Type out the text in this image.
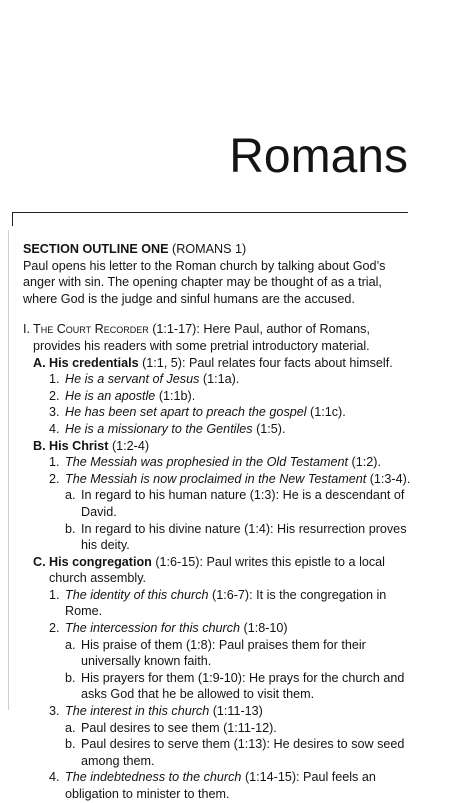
Romans

SECTION OUTLINE ONE (ROMANS 1)

Paul opens his letter to the Roman church by talking about God’s anger with sin. The opening chapter may be thought of as a trial, where God is the judge and sinful humans are the accused.

I. The Court Recorder (1:1-17): Here Paul, author of Romans, provides his readers with some pretrial introductory material.
A. His credentials (1:1, 5): Paul relates four facts about himself.
1. He is a servant of Jesus (1:1a).
2. He is an apostle (1:1b).
3. He has been set apart to preach the gospel (1:1c).
4. He is a missionary to the Gentiles (1:5).
B. His Christ (1:2-4)
1. The Messiah was prophesied in the Old Testament (1:2).
2. The Messiah is now proclaimed in the New Testament (1:3-4).
a. In regard to his human nature (1:3): He is a descendant of David.
b. In regard to his divine nature (1:4): His resurrection proves his deity.
C. His congregation (1:6-15): Paul writes this epistle to a local church assembly.
1. The identity of this church (1:6-7): It is the congregation in Rome.
2. The intercession for this church (1:8-10)
a. His praise of them (1:8): Paul praises them for their universally known faith.
b. His prayers for them (1:9-10): He prays for the church and asks God that he be allowed to visit them.
3. The interest in this church (1:11-13)
a. Paul desires to see them (1:11-12).
b. Paul desires to serve them (1:13): He desires to sow seed among them.
4. The indebtedness to the church (1:14-15): Paul feels an obligation to minister to them.
